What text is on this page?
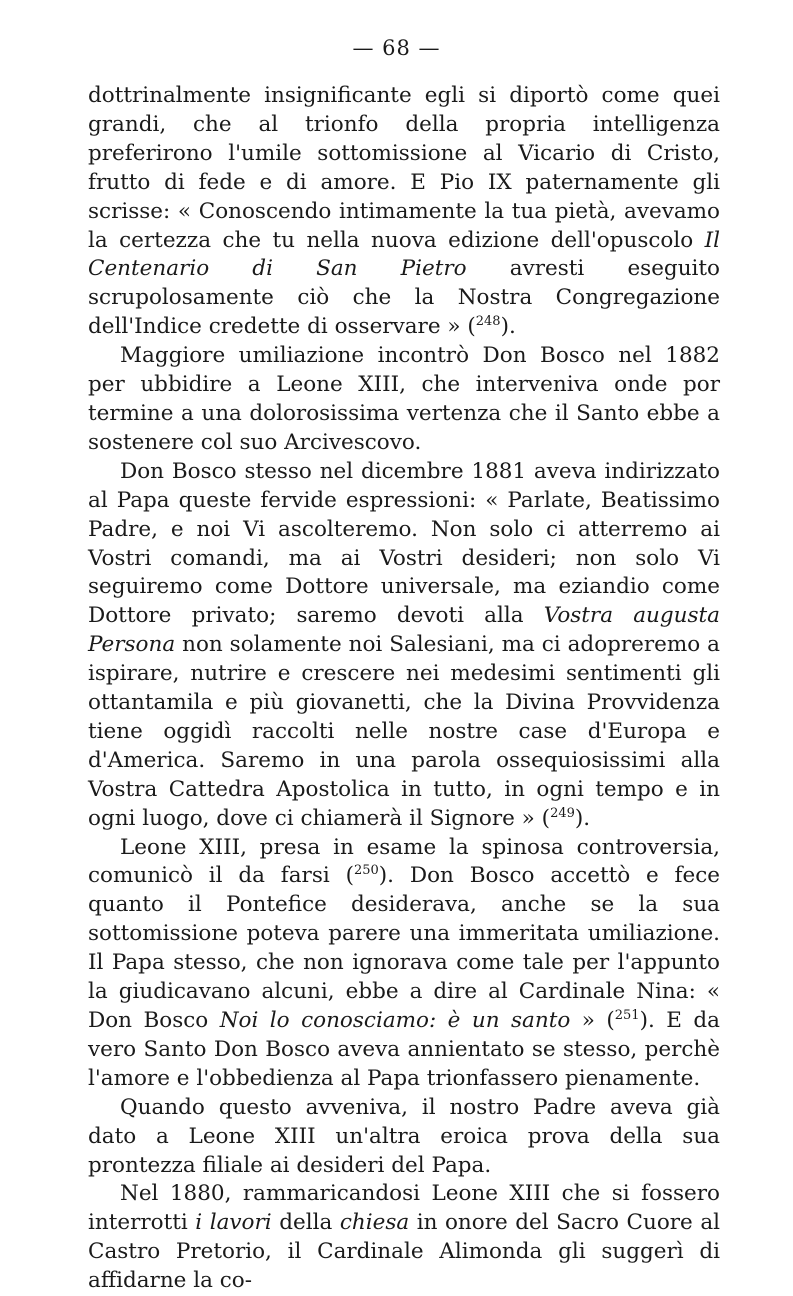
— 68 —

dottrinalmente insignificante egli si diportò come quei grandi, che al trionfo della propria intelligenza preferirono l'umile sottomissione al Vicario di Cristo, frutto di fede e di amore. E Pio IX paternamente gli scrisse: « Conoscendo intimamente la tua pietà, avevamo la certezza che tu nella nuova edizione dell'opuscolo Il Centenario di San Pietro avresti eseguito scrupolosamente ciò che la Nostra Congregazione dell'Indice credette di osservare » ($^{248}$).

Maggiore umiliazione incontrò Don Bosco nel 1882 per ubbidire a Leone XIII, che interveniva onde por termine a una dolorosissima vertenza che il Santo ebbe a sostenere col suo Arcivescovo.

Don Bosco stesso nel dicembre 1881 aveva indirizzato al Papa queste fervide espressioni: « Parlate, Beatissimo Padre, e noi Vi ascolteremo. Non solo ci atterremo ai Vostri comandi, ma ai Vostri desideri; non solo Vi seguiremo come Dottore universale, ma eziandio come Dottore privato; saremo devoti alla Vostra augusta Persona non solamente noi Salesiani, ma ci adopreremo a ispirare, nutrire e crescere nei medesimi sentimenti gli ottantamila e più giovanetti, che la Divina Provvidenza tiene oggidì raccolti nelle nostre case d'Europa e d'America. Saremo in una parola ossequiosissimi alla Vostra Cattedra Apostolica in tutto, in ogni tempo e in ogni luogo, dove ci chiamerà il Signore » ($^{249}$).

Leone XIII, presa in esame la spinosa controversia, comunicò il da farsi ($^{250}$). Don Bosco accettò e fece quanto il Pontefice desiderava, anche se la sua sottomissione poteva parere una immeritata umiliazione. Il Papa stesso, che non ignorava come tale per l'appunto la giudicavano alcuni, ebbe a dire al Cardinale Nina: « Don Bosco Noi lo conosciamo: è un santo » ($^{251}$). E da vero Santo Don Bosco aveva annientato se stesso, perchè l'amore e l'obbedienza al Papa trionfassero pienamente.

Quando questo avveniva, il nostro Padre aveva già dato a Leone XIII un'altra eroica prova della sua prontezza filiale ai desideri del Papa.

Nel 1880, rammaricandosi Leone XIII che si fossero interrotti i lavori della chiesa in onore del Sacro Cuore al Castro Pretorio, il Cardinale Alimonda gli suggerì di affidarne la co-
